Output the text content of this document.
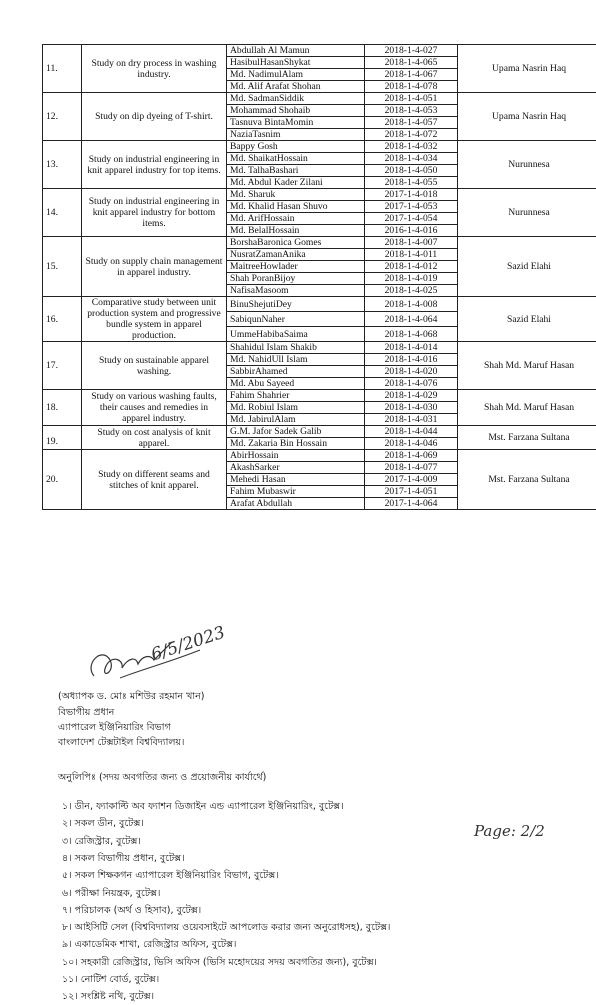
11.	Study on dry process in washing industry.	Abdullah Al Mamun	2018-1-4-027	Upama Nasrin Haq
		HasibulHasanShykat	2018-1-4-065	
		Md. NadimulAlam	2018-1-4-067	
		Md. Alif Arafat Shohan	2018-1-4-078	
12.	Study on dip dyeing of T-shirt.	Md. SadmanSiddik	2018-1-4-051	Upama Nasrin Haq
		Mohammad Shohaib	2018-1-4-053	
		Tasnuva BintaMomin	2018-1-4-057	
		NaziaTasnim	2018-1-4-072	
13.	Study on industrial engineering in knit apparel industry for top items.	Bappy Gosh	2018-1-4-032	Nurunnesa
		Md. ShaikatHossain	2018-1-4-034	
		Md. TalhaBashari	2018-1-4-050	
		Md. Abdul Kader Zilani	2018-1-4-055	
14.	Study on industrial engineering in knit apparel industry for bottom items.	Md. Sharuk	2017-1-4-018	Nurunnesa
		Md. Khalid Hasan Shuvo	2017-1-4-053	
		Md. ArifHossain	2017-1-4-054	
		Md. BelalHossain	2016-1-4-016	
15.	Study on supply chain management in apparel industry.	BorshaBaronica Gomes	2018-1-4-007	Sazid Elahi
		NusratZamanAnika	2018-1-4-011	
		MaitreeHowlader	2018-1-4-012	
		Shah PoranBijoy	2018-1-4-019	
		NafisaMasoom	2018-1-4-025	
16.	Comparative study between unit production system and progressive bundle system in apparel production.	BinuShejutiDey	2018-1-4-008	Sazid Elahi
		SabiqunNaher	2018-1-4-064	
		UmmeHabibaSaima	2018-1-4-068	
17.	Study on sustainable apparel washing.	Shahidul Islam Shakib	2018-1-4-014	Shah Md. Maruf Hasan
		Md. NahidUll Islam	2018-1-4-016	
		SabbirAhamed	2018-1-4-020	
		Md. Abu Sayeed	2018-1-4-076	
18.	Study on various washing faults, their causes and remedies in apparel industry.	Fahim Shahrier	2018-1-4-029	Shah Md. Maruf Hasan
		Md. Robiul Islam	2018-1-4-030	
		Md. JabirulAlam	2018-1-4-031	
19.	Study on cost analysis of knit apparel.	G.M. Jafor Sadek Galib	2018-1-4-044	Mst. Farzana Sultana
		Md. Zakaria Bin Hossain	2018-1-4-046	
20.	Study on different seams and stitches of knit apparel.	AbirHossain	2018-1-4-069	Mst. Farzana Sultana
		AkashSarker	2018-1-4-077	
		Mehedi Hasan	2017-1-4-009	
		Fahim Mubaswir	2017-1-4-051	
		Arafat Abdullah	2017-1-4-064	
6/5/2023
(অধ্যাপক ড. মোঃ মশিউর রহমান খান)
বিভাগীয় প্রধান
এ্যাপারেল ইঞ্জিনিয়ারিং বিভাগ
বাংলাদেশ টেক্সটাইল বিশ্ববিদ্যালয়।
অনুলিপিঃ (সদয় অবগতির জন্য ও প্রয়োজনীয় কার্যার্থে)
১। ডীন, ফ্যাকাল্টি অব ফ্যাশন ডিজাইন এন্ড এ্যাপারেল ইঞ্জিনিয়ারিং, বুটেক্স।
২। সকল ডীন, বুটেক্স।
৩। রেজিস্ট্রার, বুটেক্স।
৪। সকল বিভাগীয় প্রধান, বুটেক্স।
৫। সকল শিক্ষকগন এ্যাপারেল ইঞ্জিনিয়ারিং বিভাগ, বুটেক্স।
৬। পরীক্ষা নিয়ন্ত্রক, বুটেক্স।
৭। পরিচালক (অর্থ ও হিসাব), বুটেক্স।
৮। আইসিটি সেল (বিশ্ববিদ্যালয় ওয়েবসাইটে আপলোড করার জন্য অনুরোধসহ), বুটেক্স।
৯। একাডেমিক শাখা, রেজিস্ট্রার অফিস, বুটেক্স।
১০। সহকারী রেজিস্ট্রার, ভিসি অফিস (ভিসি মহোদয়ের সদয় অবগতির জন্য), বুটেক্স।
১১। নোটিশ বোর্ড, বুটেক্স।
১২। সংশ্লিষ্ট নথি, বুটেক্স।
Page: 2/2
